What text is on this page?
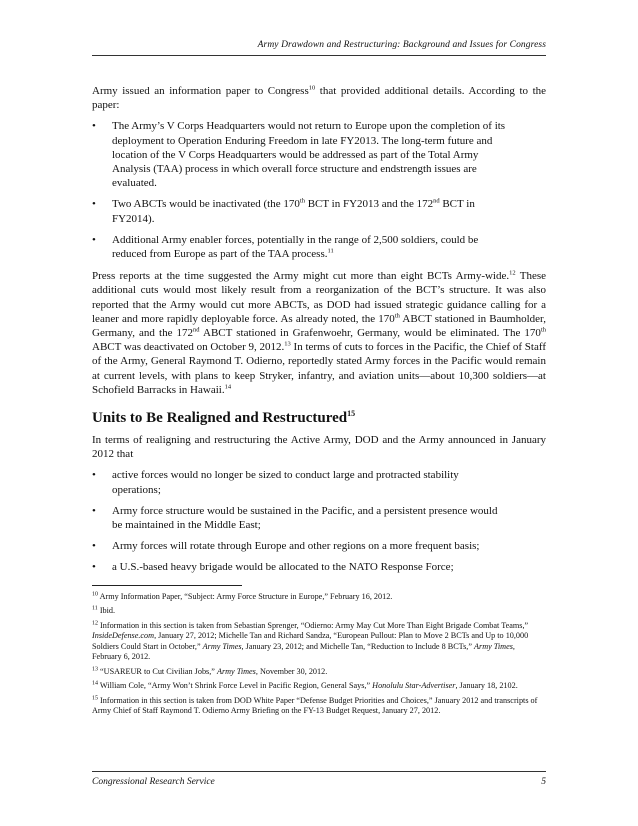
Army Drawdown and Restructuring: Background and Issues for Congress

Army issued an information paper to Congress$^{10}$ that provided additional details. According to the paper:

• The Army’s V Corps Headquarters would not return to Europe upon the completion of its deployment to Operation Enduring Freedom in late FY2013. The long-term future and location of the V Corps Headquarters would be addressed as part of the Total Army Analysis (TAA) process in which overall force structure and endstrength issues are evaluated.
• Two ABCTs would be inactivated (the 170th BCT in FY2013 and the 172nd BCT in FY2014).
• Additional Army enabler forces, potentially in the range of 2,500 soldiers, could be reduced from Europe as part of the TAA process.$^{11}$

Press reports at the time suggested the Army might cut more than eight BCTs Army-wide.$^{12}$ These additional cuts would most likely result from a reorganization of the BCT’s structure. It was also reported that the Army would cut more ABCTs, as DOD had issued strategic guidance calling for a leaner and more rapidly deployable force. As already noted, the 170th ABCT stationed in Baumholder, Germany, and the 172nd ABCT stationed in Grafenwoehr, Germany, would be eliminated. The 170th ABCT was deactivated on October 9, 2012.13 In terms of cuts to forces in the Pacific, the Chief of Staff of the Army, General Raymond T. Odierno, reportedly stated Army forces in the Pacific would remain at current levels, with plans to keep Stryker, infantry, and aviation units—about 10,300 soldiers—at Schofield Barracks in Hawaii.$^{14}$

Units to Be Realigned and Restructured$^{15}$

In terms of realigning and restructuring the Active Army, DOD and the Army announced in January 2012 that

• active forces would no longer be sized to conduct large and protracted stability operations;
• Army force structure would be sustained in the Pacific, and a persistent presence would be maintained in the Middle East;
• Army forces will rotate through Europe and other regions on a more frequent basis;
• a U.S.-based heavy brigade would be allocated to the NATO Response Force;
$^{10}$ Army Information Paper, “Subject: Army Force Structure in Europe,” February 16, 2012.
$^{11}$ Ibid.
$^{12}$ Information in this section is taken from Sebastian Sprenger, “Odierno: Army May Cut More Than Eight Brigade Combat Teams,” InsideDefense.com, January 27, 2012; Michelle Tan and Richard Sandza, “European Pullout: Plan to Move 2 BCTs and Up to 10,000 Soldiers Could Start in October,” Army Times, January 23, 2012; and Michelle Tan, “Reduction to Include 8 BCTs,” Army Times, February 6, 2012.
$^{13}$ “USAREUR to Cut Civilian Jobs,” Army Times, November 30, 2012.
$^{14}$ William Cole, “Army Won’t Shrink Force Level in Pacific Region, General Says,” Honolulu Star-Advertiser, January 18, 2102.
$^{15}$ Information in this section is taken from DOD White Paper “Defense Budget Priorities and Choices,” January 2012 and transcripts of Army Chief of Staff Raymond T. Odierno Army Briefing on the FY-13 Budget Request, January 27, 2012.
Congressional Research Service	5
